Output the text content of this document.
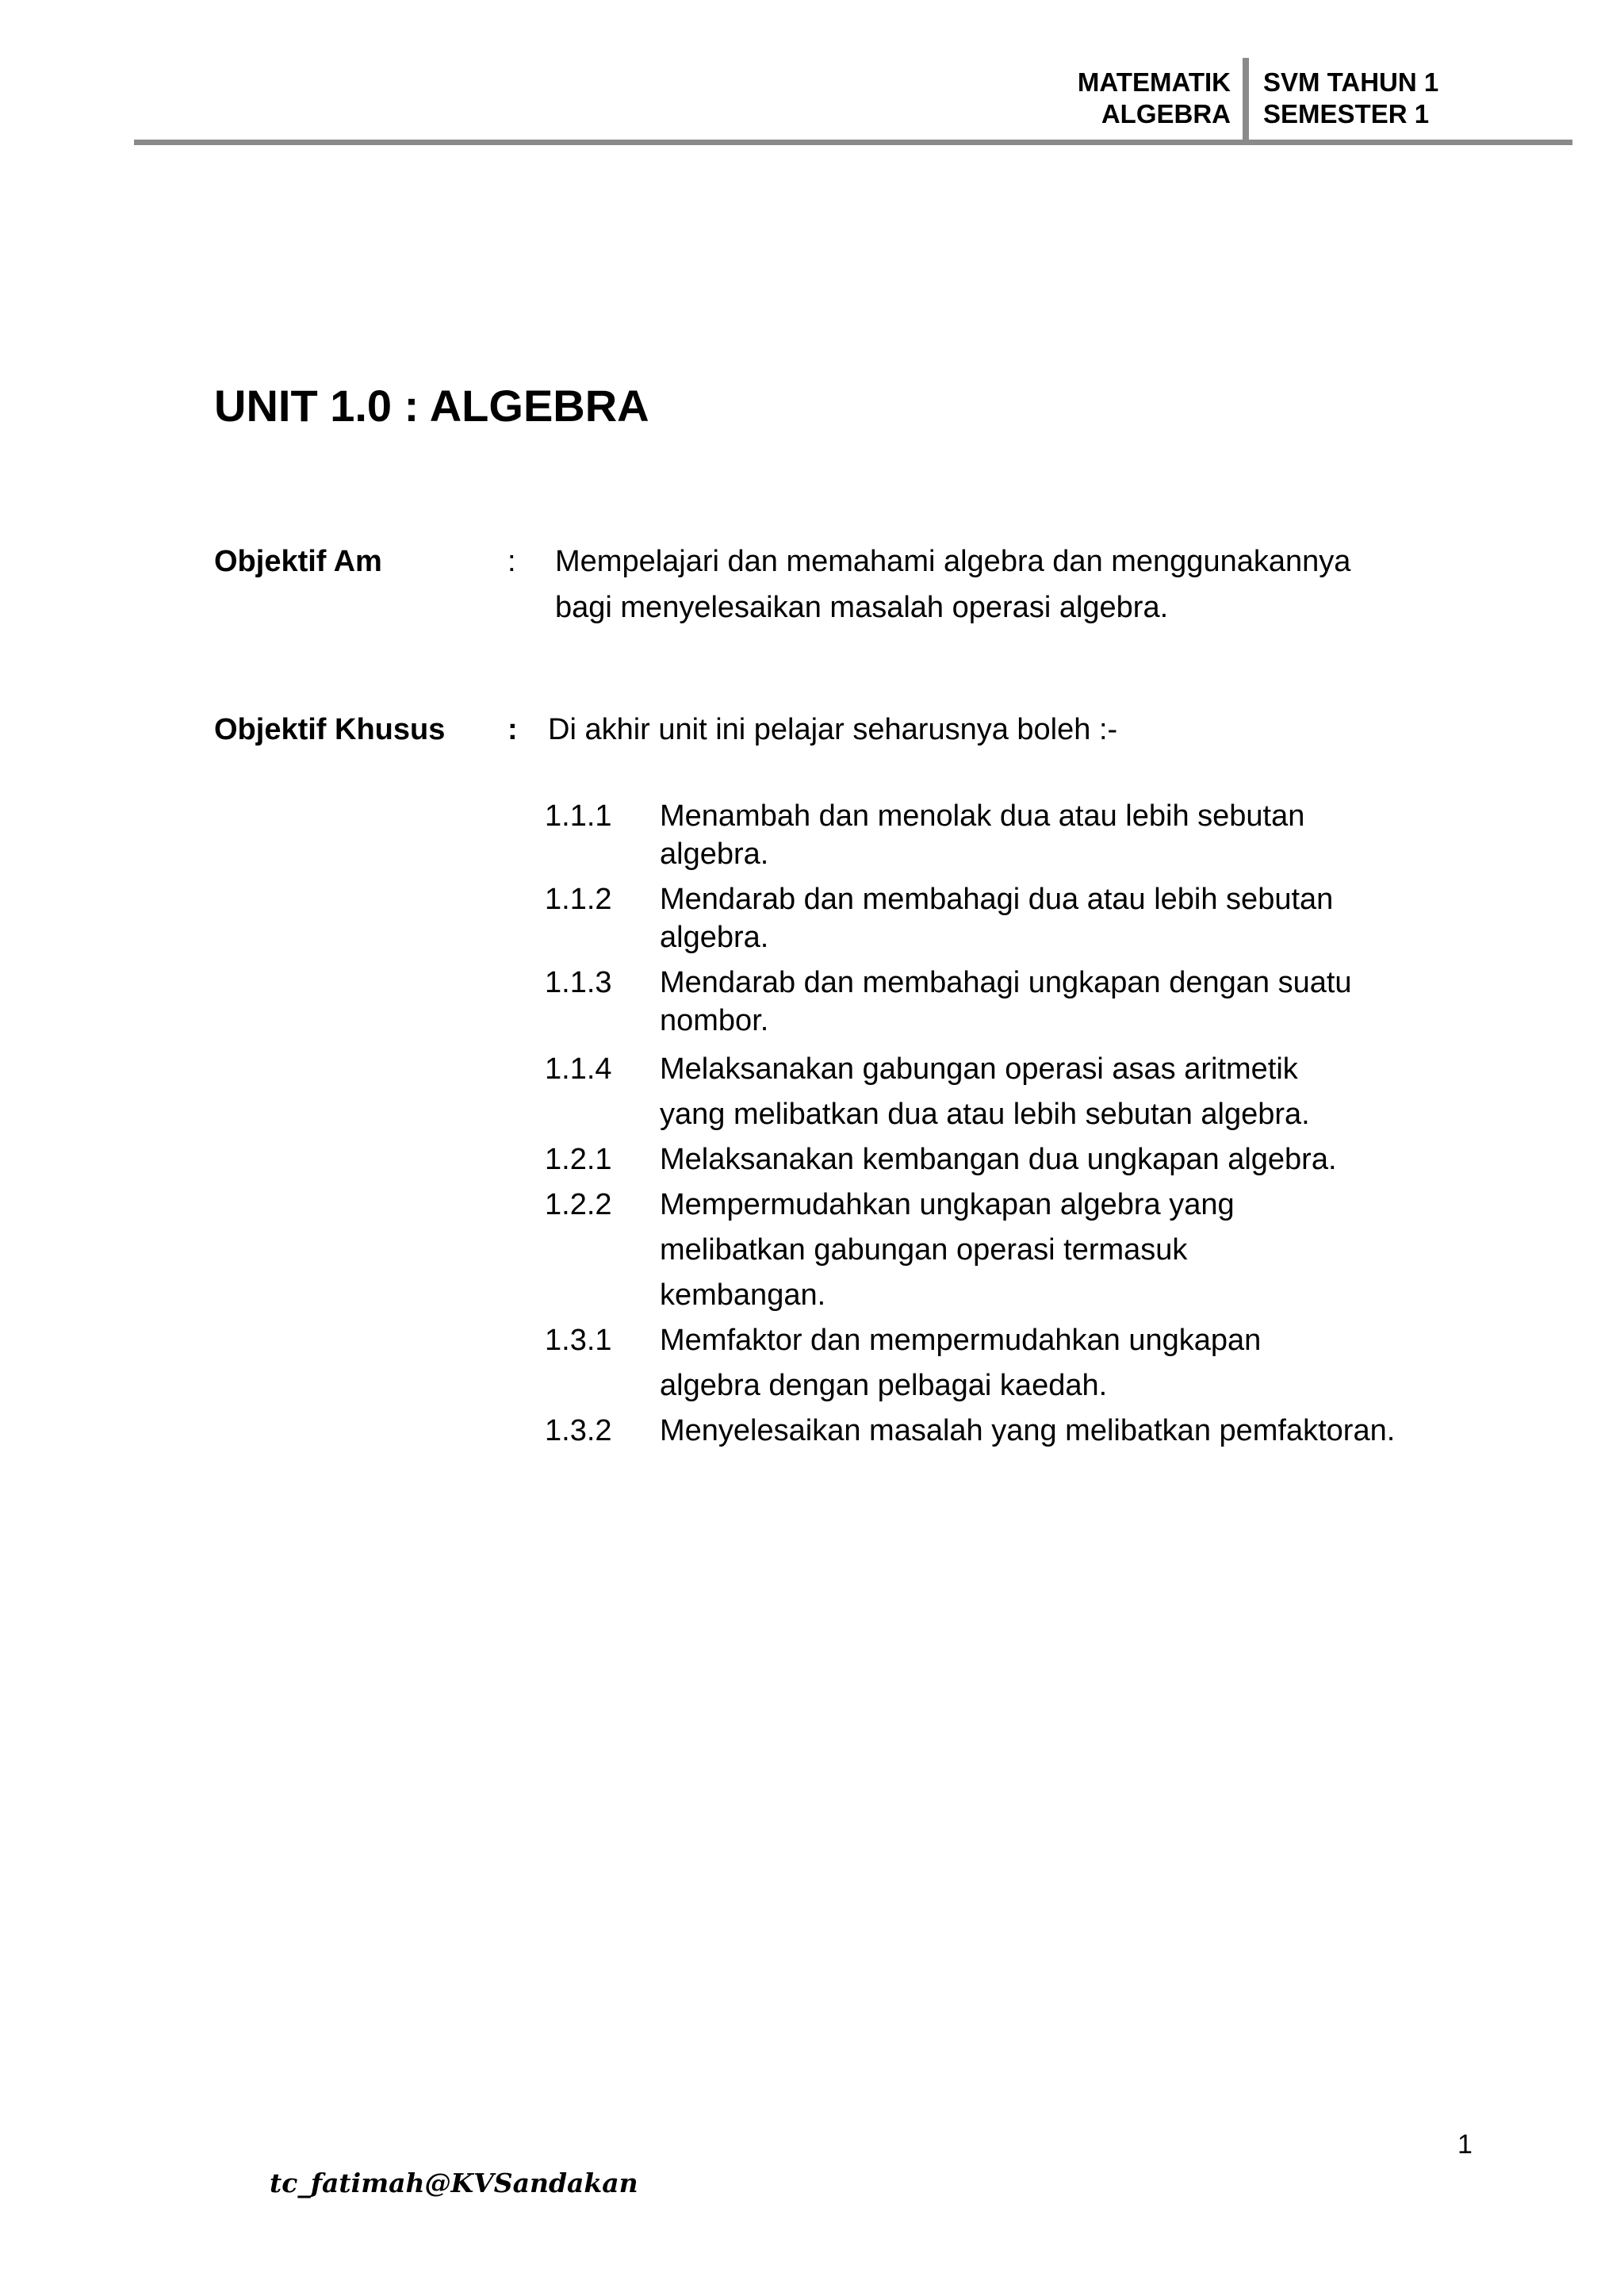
MATEMATIK
ALGEBRA
SVM TAHUN 1
SEMESTER 1
UNIT 1.0 : ALGEBRA
Objektif Am	: Mempelajari dan memahami algebra dan menggunakannya
bagi menyelesaikan masalah operasi algebra.
Objektif Khusus : Di akhir unit ini pelajar seharusnya boleh :-
1.1.1 Menambah dan menolak dua atau lebih sebutan
algebra.
1.1.2 Mendarab dan membahagi dua atau lebih sebutan
algebra.
1.1.3 Mendarab dan membahagi ungkapan dengan suatu
nombor.
1.1.4 Melaksanakan gabungan operasi asas aritmetik
yang melibatkan dua atau lebih sebutan algebra.
1.2.1 Melaksanakan kembangan dua ungkapan algebra.
1.2.2 Mempermudahkan ungkapan algebra yang
melibatkan gabungan operasi termasuk
kembangan.
1.3.1 Memfaktor dan mempermudahkan ungkapan
algebra dengan pelbagai kaedah.
1.3.2 Menyelesaikan masalah yang melibatkan pemfaktoran.
1
tc_fatimah@KVSandakan
